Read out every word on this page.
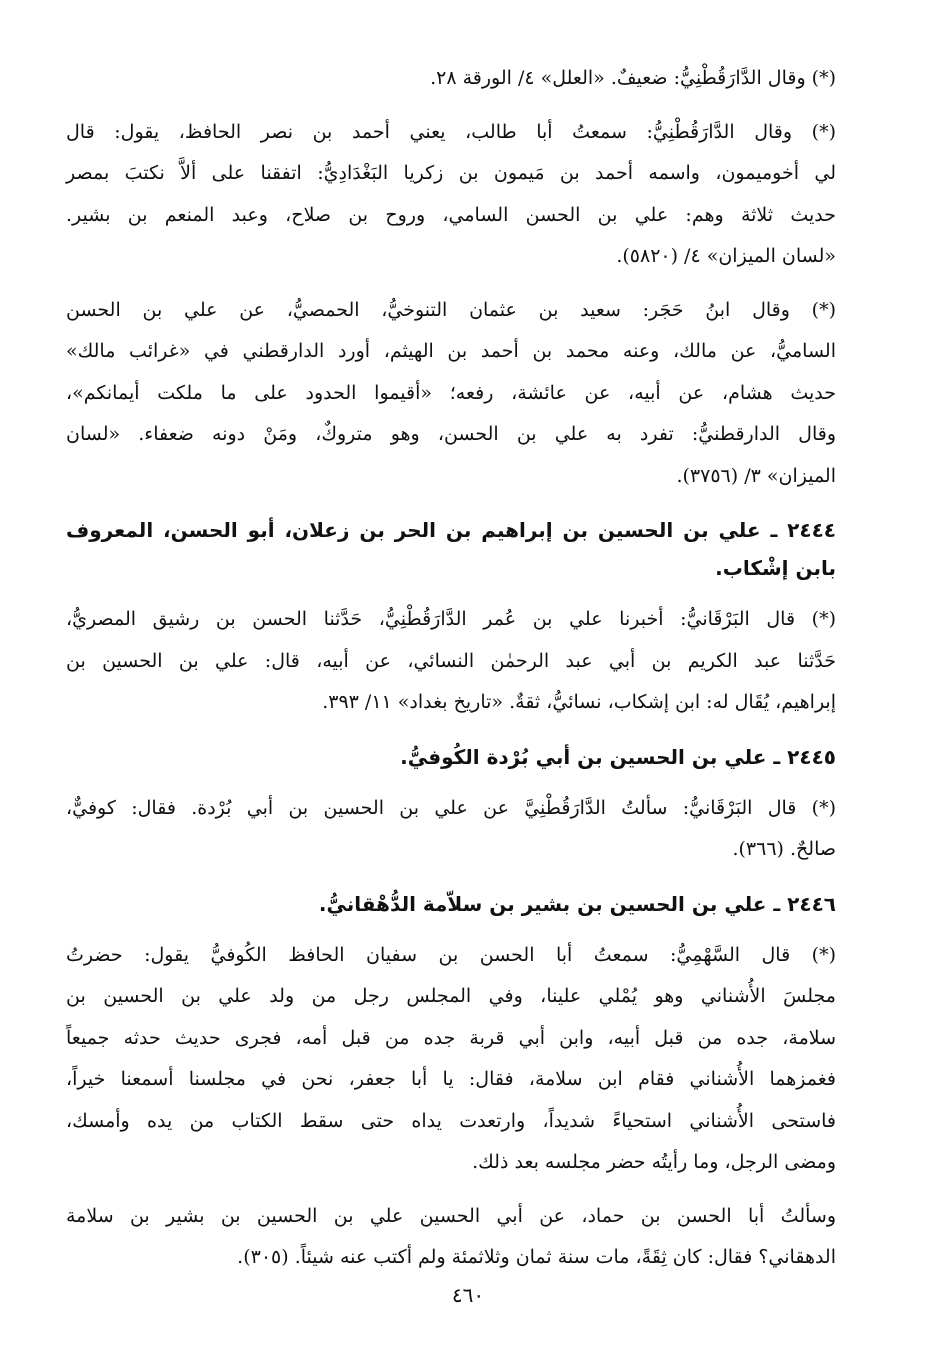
(*) وقال الدَّارَقُطْنِيُّ: ضعيفٌ. «العلل» ٤/ الورقة ٢٨.

(*) وقال الدَّارَقُطْنِيُّ: سمعتُ أبا طالب، يعني أحمد بن نصر الحافظ، يقول: قال
لي أخوميمون، واسمه أحمد بن مَيمون بن زكريا البَغْدَادِيُّ: اتفقنا على ألاَّ نكتبَ بمصر
حديث ثلاثة وهم: علي بن الحسن السامي، وروح بن صلاح، وعبد المنعم بن بشير.
«لسان الميزان» ٤/ (٥٨٢٠).

(*) وقال ابنُ حَجَر: سعيد بن عثمان التنوخيُّ، الحمصيُّ، عن علي بن الحسن
الساميُّ، عن مالك، وعنه محمد بن أحمد بن الهيثم، أورد الدارقطني في «غرائب مالك»
حديث هشام، عن أبيه، عن عائشة، رفعه؛ «أقيموا الحدود على ما ملكت أيمانكم»،
وقال الدارقطنيُّ: تفرد به علي بن الحسن، وهو متروكٌ، ومَنْ دونه ضعفاء. «لسان
الميزان» ٣/ (٣٧٥٦).

٢٤٤٤ ـ علي بن الحسين بن إبراهيم بن الحر بن زعلان، أبو الحسن، المعروف
بابن إشْكاب.

(*) قال البَرْقَانيُّ: أخبرنا علي بن عُمر الدَّارَقُطْنِيُّ، حَدَّثنا الحسن بن رشيق المصريُّ،
حَدَّثنا عبد الكريم بن أبي عبد الرحمٰن النسائي، عن أبيه، قال: علي بن الحسين بن
إبراهيم، يُقَال له: ابن إشكاب، نسائيُّ، ثقةٌ. «تاريخ بغداد» ١١/ ٣٩٣.

٢٤٤٥ ـ علي بن الحسين بن أبي بُرْدة الكُوفيُّ.

(*) قال البَرْقَانيُّ: سألتُ الدَّارَقُطْنِيَّ عن علي بن الحسين بن أبي بُرْدة. فقال: كوفيٌّ،
صالحٌ. (٣٦٦).

٢٤٤٦ ـ علي بن الحسين بن بشير بن سلاّمة الدُّهْقانيُّ.

(*) قال السَّهْمِيُّ: سمعتُ أبا الحسن بن سفيان الحافظ الكُوفيُّ يقول: حضرتُ
مجلسَ الأُشناني وهو يُمْلي علينا، وفي المجلس رجل من ولد علي بن الحسين بن
سلامة، جده من قبل أبيه، وابن أبي قربة جده من قبل أمه، فجرى حديث حدثه جميعاً
فغمزهما الأُشناني فقام ابن سلامة، فقال: يا أبا جعفر، نحن في مجلسنا أسمعنا خيراً،
فاستحى الأُشناني استحياءً شديداً، وارتعدت يداه حتى سقط الكتاب من يده وأمسك،
ومضى الرجل، وما رأيتُه حضر مجلسه بعد ذلك.

وسألتُ أبا الحسن بن حماد، عن أبي الحسين علي بن الحسين بن بشير بن سلامة
الدهقاني؟ فقال: كان ثِقَةً، مات سنة ثمان وثلاثمئة ولم أكتب عنه شيئاً. (٣٠٥).

٤٦٠
